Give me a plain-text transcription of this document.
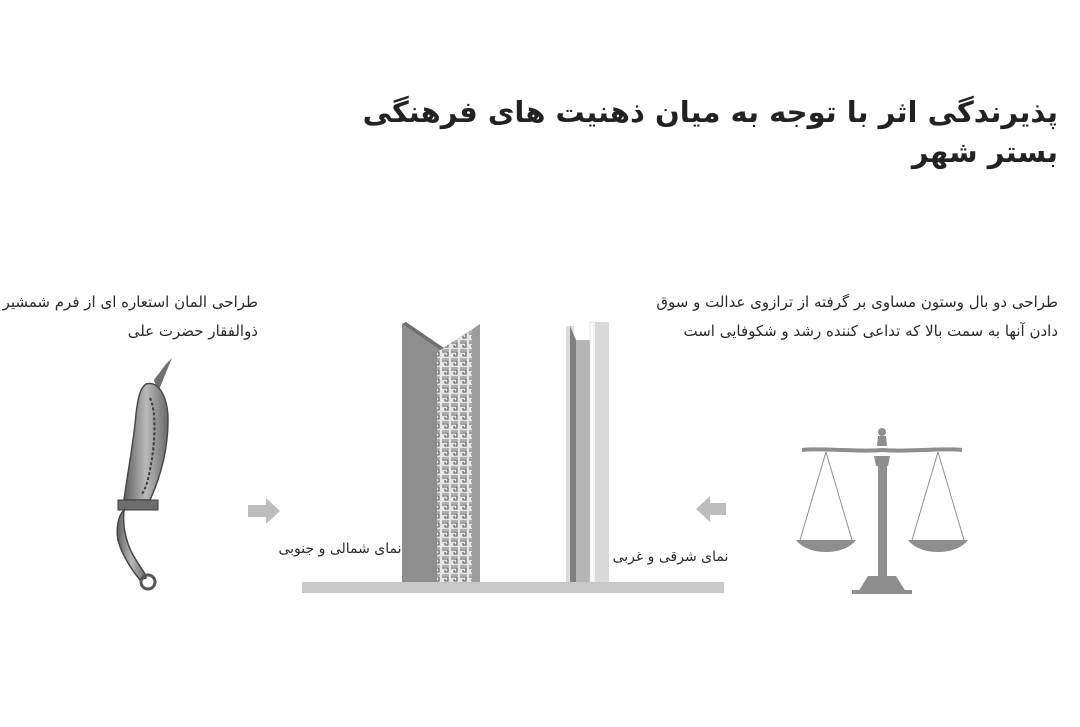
پذیرندگی اثر با توجه به میان ذهنیت های فرهنگی بستر شهر
طراحی المان استعاره ای از فرم شمشیر
ذوالفقار حضرت علی
طراحی دو بال وستون مساوی بر گرفته از ترازوی عدالت و سوق
دادن آنها به سمت بالا که تداعی کننده رشد و شکوفایی است
نمای شمالی و جنوبی	نمای شرقی و غربی
